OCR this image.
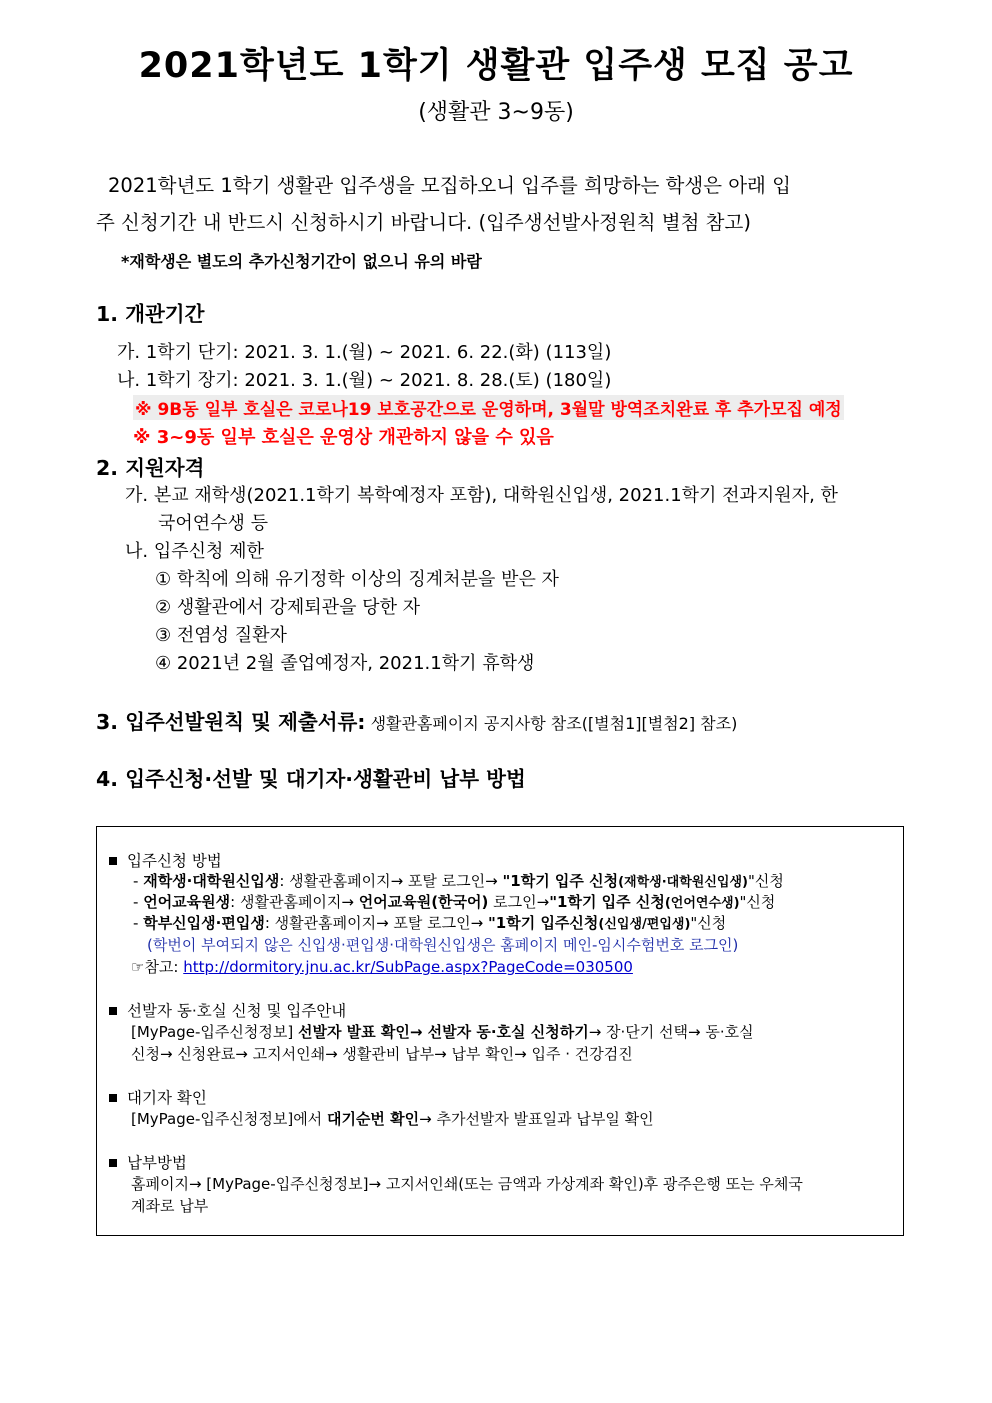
2021학년도 1학기 생활관 입주생 모집 공고
(생활관 3~9동)
2021학년도 1학기 생활관 입주생을 모집하오니 입주를 희망하는 학생은 아래 입
주 신청기간 내 반드시 신청하시기 바랍니다. (입주생선발사정원칙 별첨 참고)
*재학생은 별도의 추가신청기간이 없으니 유의 바람
1. 개관기간
가. 1학기 단기: 2021. 3. 1.(월) ~ 2021. 6. 22.(화) (113일)
나. 1학기 장기: 2021. 3. 1.(월) ~ 2021. 8. 28.(토) (180일)
※ 9B동 일부 호실은 코로나19 보호공간으로 운영하며, 3월말 방역조치완료 후 추가모집 예정
※ 3~9동 일부 호실은 운영상 개관하지 않을 수 있음
2. 지원자격
가. 본교 재학생(2021.1학기 복학예정자 포함), 대학원신입생, 2021.1학기 전과지원자, 한
국어연수생 등
나. 입주신청 제한
① 학칙에 의해 유기정학 이상의 징계처분을 받은 자
② 생활관에서 강제퇴관을 당한 자
③ 전염성 질환자
④ 2021년 2월 졸업예정자, 2021.1학기 휴학생
3. 입주선발원칙 및 제출서류: 생활관홈페이지 공지사항 참조([별첨1][별첨2] 참조)
4. 입주신청·선발 및 대기자·생활관비 납부 방법
입주신청 방법
- 재학생·대학원신입생: 생활관홈페이지→ 포탈 로그인→ "1학기 입주 신청(재학생·대학원신입생)"신청
- 언어교육원생: 생활관홈페이지→ 언어교육원(한국어) 로그인→"1학기 입주 신청(언어연수생)"신청
- 학부신입생·편입생: 생활관홈페이지→ 포탈 로그인→ "1학기 입주신청(신입생/편입생)"신청
(학번이 부여되지 않은 신입생·편입생·대학원신입생은 홈페이지 메인-임시수험번호 로그인)
☞참고: http://dormitory.jnu.ac.kr/SubPage.aspx?PageCode=030500
선발자 동·호실 신청 및 입주안내
[MyPage-입주신청정보] 선발자 발표 확인→ 선발자 동·호실 신청하기→ 장·단기 선택→ 동·호실
신청→ 신청완료→ 고지서인쇄→ 생활관비 납부→ 납부 확인→ 입주 · 건강검진
대기자 확인
[MyPage-입주신청정보]에서 대기순번 확인→ 추가선발자 발표일과 납부일 확인
납부방법
홈페이지→ [MyPage-입주신청정보]→ 고지서인쇄(또는 금액과 가상계좌 확인)후 광주은행 또는 우체국
계좌로 납부
